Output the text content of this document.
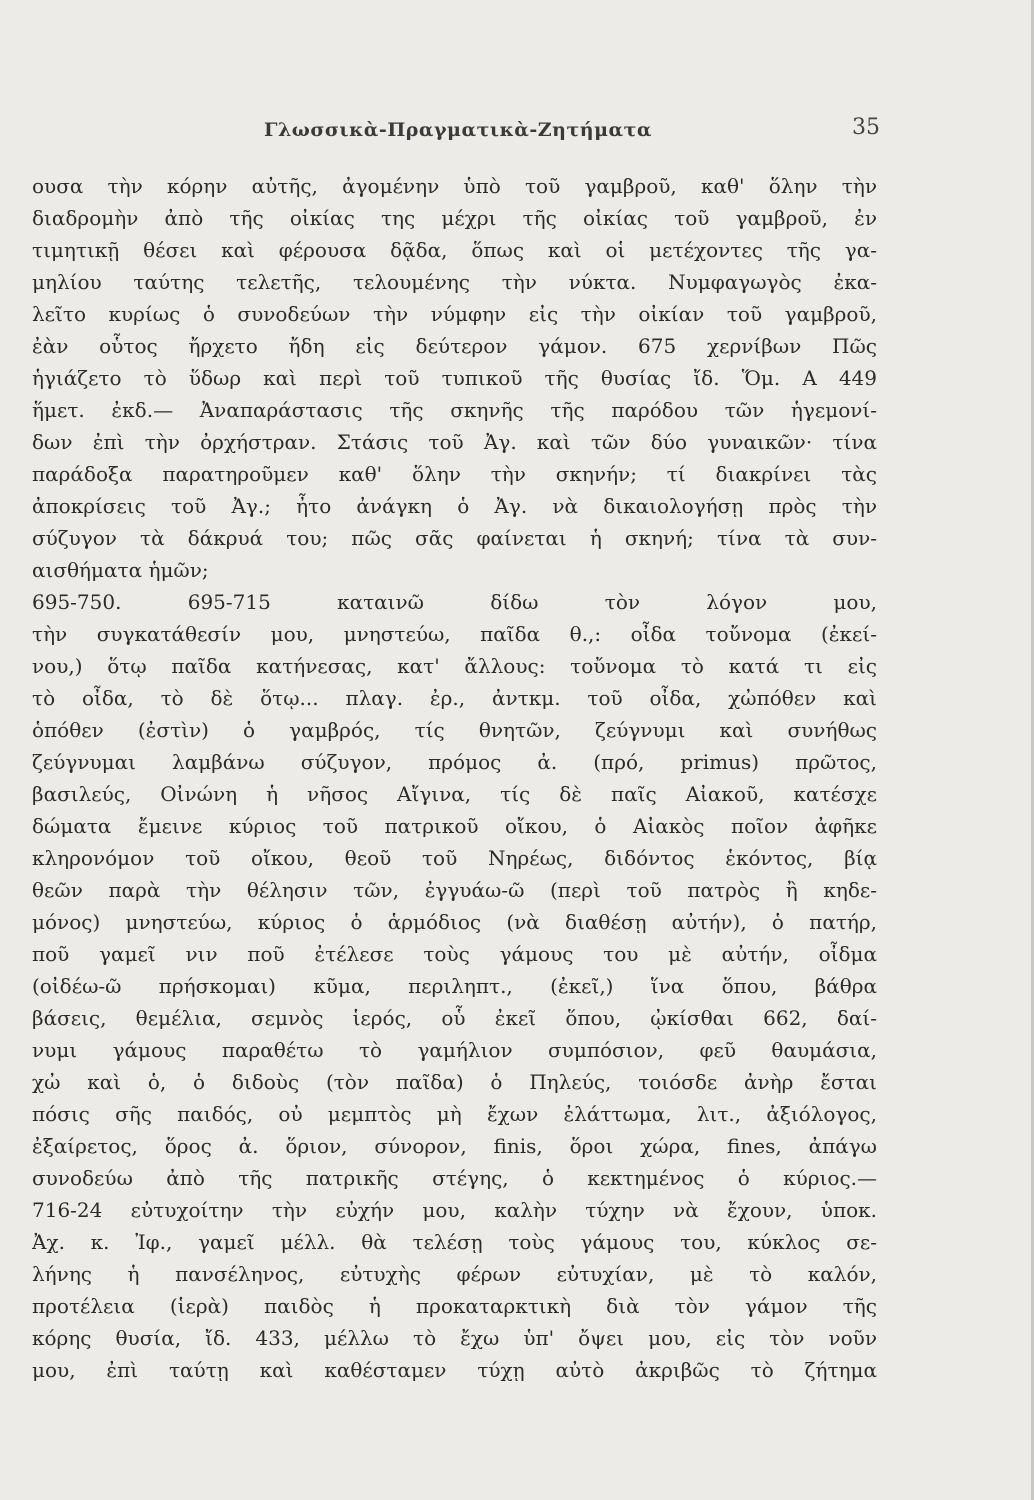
Γλωσσικὰ-Πραγματικὰ-Ζητήματα	35
ουσα τὴν κόρην αὐτῆς, ἀγομένην ὑπὸ τοῦ γαμβροῦ, καθ' ὅλην τὴν
διαδρομὴν ἀπὸ τῆς οἰκίας της μέχρι τῆς οἰκίας τοῦ γαμβροῦ, ἐν
τιμητικῇ θέσει καὶ φέρουσα δᾷδα, ὅπως καὶ οἱ μετέχοντες τῆς γα-
μηλίου ταύτης τελετῆς, τελουμένης τὴν νύκτα. Νυμφαγωγὸς ἐκα-
λεῖτο κυρίως ὁ συνοδεύων τὴν νύμφην εἰς τὴν οἰκίαν τοῦ γαμβροῦ,
ἐὰν οὗτος ἤρχετο ἤδη εἰς δεύτερον γάμον. 675 χερνίβων Πῶς
ἡγιάζετο τὸ ὕδωρ καὶ περὶ τοῦ τυπικοῦ τῆς θυσίας ἴδ. Ὅμ. Α 449
ἥμετ. ἐκδ.— Ἀναπαράστασις τῆς σκηνῆς τῆς παρόδου τῶν ἡγεμονί-
δων ἐπὶ τὴν ὀρχήστραν. Στάσις τοῦ Ἀγ. καὶ τῶν δύο γυναικῶν· τίνα
παράδοξα παρατηροῦμεν καθ' ὅλην τὴν σκηνήν; τί διακρίνει τὰς
ἀποκρίσεις τοῦ Ἀγ.; ἦτο ἀνάγκη ὁ Ἀγ. νὰ δικαιολογήσῃ πρὸς τὴν
σύζυγον τὰ δάκρυά του; πῶς σᾶς φαίνεται ἡ σκηνή; τίνα τὰ συν-
αισθήματα ἡμῶν;
695-750. 695-715 καταινῶ δίδω τὸν λόγον μου,
τὴν συγκατάθεσίν μου, μνηστεύω, παῖδα θ.,: οἶδα τοὔνομα (ἐκεί-
νου,) ὅτῳ παῖδα κατήνεσας, κατ' ἄλλους: τοὔνομα τὸ κατά τι εἰς
τὸ οἶδα, τὸ δὲ ὅτῳ... πλαγ. ἐρ., ἀντκμ. τοῦ οἶδα, χὠπόθεν καὶ
ὁπόθεν (ἐστὶν) ὁ γαμβρός, τίς θνητῶν, ζεύγνυμι καὶ συνήθως
ζεύγνυμαι λαμβάνω σύζυγον, πρόμος ἀ. (πρό, primus) πρῶτος,
βασιλεύς, Οἰνώνη ἡ νῆσος Αἴγινα, τίς δὲ παῖς Αἰακοῦ, κατέσχε
δώματα ἔμεινε κύριος τοῦ πατρικοῦ οἴκου, ὁ Αἰακὸς ποῖον ἀφῆκε
κληρονόμον τοῦ οἴκου, θεοῦ τοῦ Νηρέως, διδόντος ἑκόντος, βίᾳ
θεῶν παρὰ τὴν θέλησιν τῶν, ἐγγυάω-ῶ (περὶ τοῦ πατρὸς ἢ κηδε-
μόνος) μνηστεύω, κύριος ὁ ἁρμόδιος (νὰ διαθέσῃ αὐτήν), ὁ πατήρ,
ποῦ γαμεῖ νιν ποῦ ἐτέλεσε τοὺς γάμους του μὲ αὐτήν, οἶδμα
(οἰδέω-ῶ πρήσκομαι) κῦμα, περιληπτ., (ἐκεῖ,) ἵνα ὅπου, βάθρα
βάσεις, θεμέλια, σεμνὸς ἱερός, οὗ ἐκεῖ ὅπου, ᾠκίσθαι 662, δαί-
νυμι γάμους παραθέτω τὸ γαμήλιον συμπόσιον, φεῦ θαυμάσια,
χὠ καὶ ὁ, ὁ διδοὺς (τὸν παῖδα) ὁ Πηλεύς, τοιόσδε ἀνὴρ ἔσται
πόσις σῆς παιδός, οὐ μεμπτὸς μὴ ἔχων ἐλάττωμα, λιτ., ἀξιόλογος,
ἐξαίρετος, ὅρος ἀ. ὅριον, σύνορον, finis, ὅροι χώρα, fines, ἀπάγω
συνοδεύω ἀπὸ τῆς πατρικῆς στέγης, ὁ κεκτημένος ὁ κύριος.—
716-24 εὐτυχοίτην τὴν εὐχήν μου, καλὴν τύχην νὰ ἔχουν, ὑποκ.
Ἀχ. κ. Ἰφ., γαμεῖ μέλλ. θὰ τελέσῃ τοὺς γάμους του, κύκλος σε-
λήνης ἡ πανσέληνος, εὐτυχὴς φέρων εὐτυχίαν, μὲ τὸ καλόν,
προτέλεια (ἱερὰ) παιδὸς ἡ προκαταρκτικὴ διὰ τὸν γάμον τῆς
κόρης θυσία, ἴδ. 433, μέλλω τὸ ἔχω ὑπ' ὄψει μου, εἰς τὸν νοῦν
μου, ἐπὶ ταύτῃ καὶ καθέσταμεν τύχῃ αὐτὸ ἀκριβῶς τὸ ζήτημα
